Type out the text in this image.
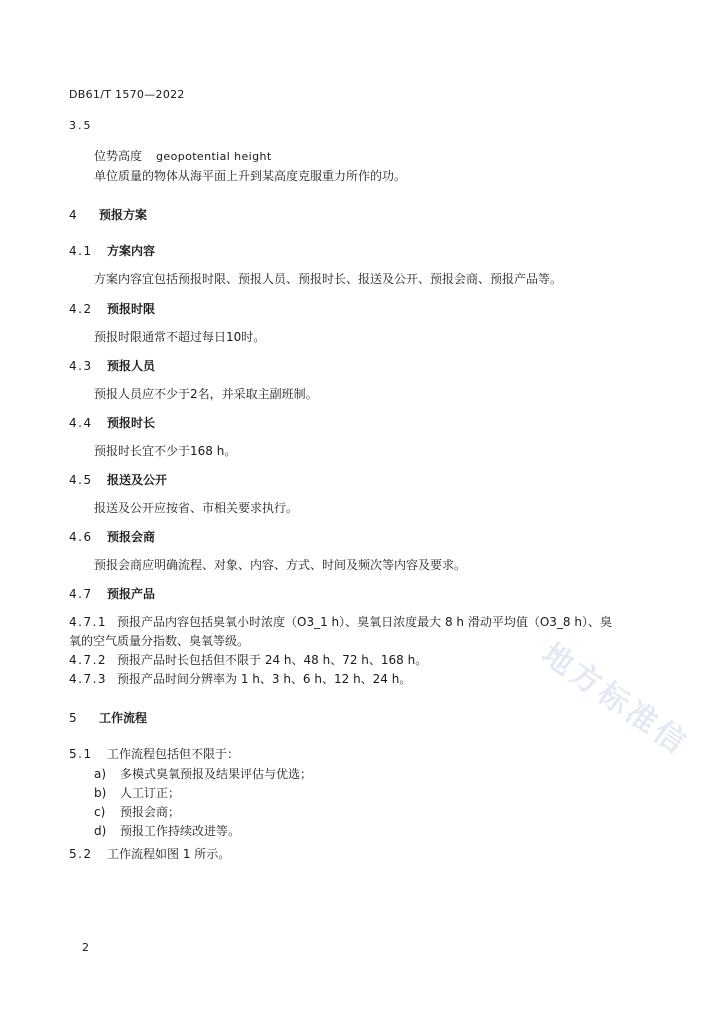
DB61/T 1570—2022
3.5
位势高度 geopotential height
单位质量的物体从海平面上升到某高度克服重力所作的功。
4 预报方案
4.1 方案内容
方案内容宜包括预报时限、预报人员、预报时长、报送及公开、预报会商、预报产品等。
4.2 预报时限
预报时限通常不超过每日10时。
4.3 预报人员
预报人员应不少于2名，并采取主副班制。
4.4 预报时长
预报时长宜不少于168 h。
4.5 报送及公开
报送及公开应按省、市相关要求执行。
4.6 预报会商
预报会商应明确流程、对象、内容、方式、时间及频次等内容及要求。
4.7 预报产品
4.7.1 预报产品内容包括臭氧小时浓度（O3_1 h）、臭氧日浓度最大 8 h 滑动平均值（O3_8 h）、臭
氧的空气质量分指数、臭氧等级。
4.7.2 预报产品时长包括但不限于 24 h、48 h、72 h、168 h。
4.7.3 预报产品时间分辨率为 1 h、3 h、6 h、12 h、24 h。
5 工作流程
5.1 工作流程包括但不限于：
a) 多模式臭氧预报及结果评估与优选；
b) 人工订正；
c) 预报会商；
d) 预报工作持续改进等。
5.2 工作流程如图 1 所示。
2
地方标准信
